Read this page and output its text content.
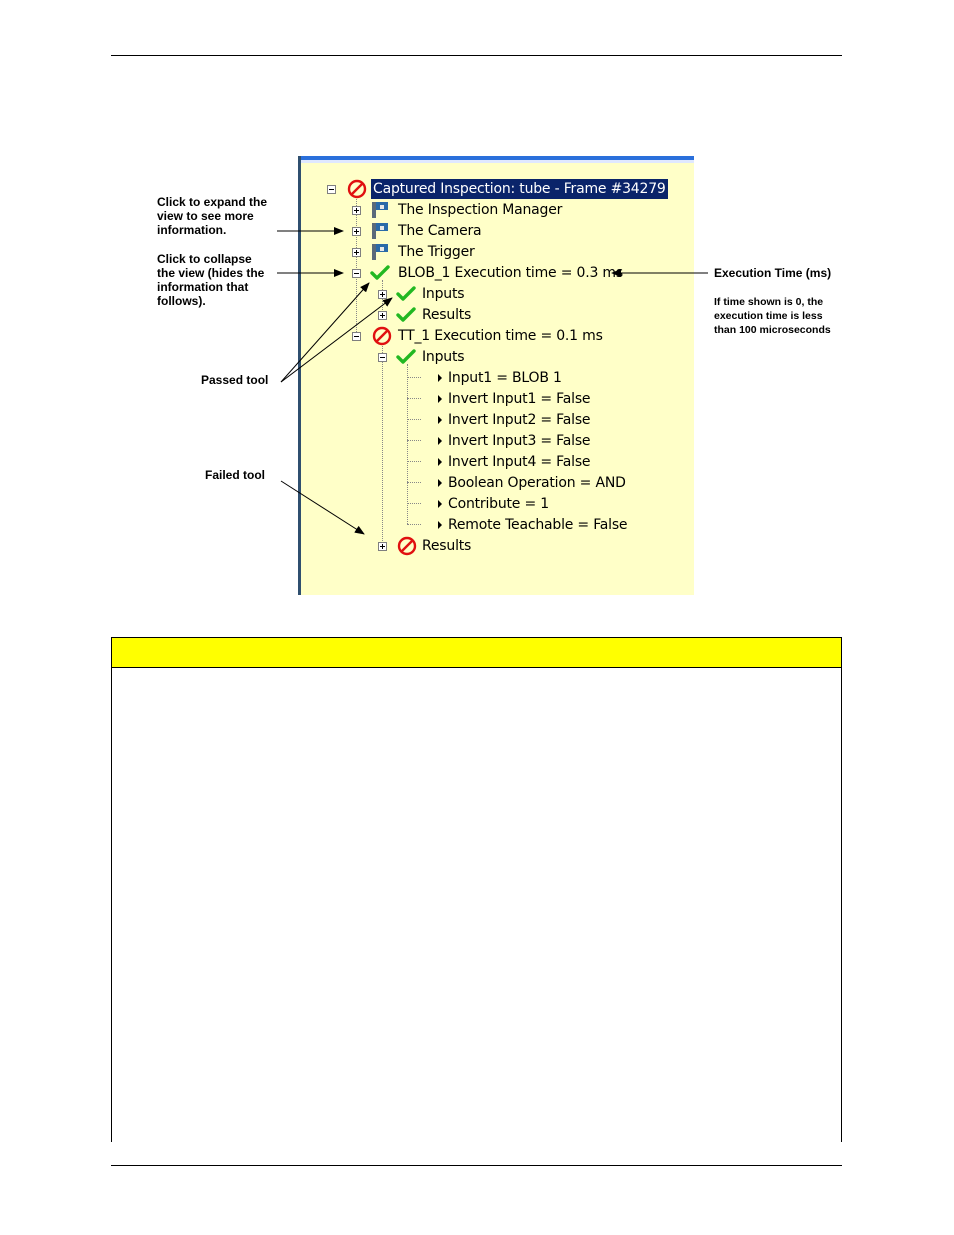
Captured Inspection: tube - Frame #34279
The Inspection Manager
The Camera
The Trigger
BLOB_1 Execution time = 0.3 ms
Inputs
Results
TT_1 Execution time = 0.1 ms
Inputs
Input1 = BLOB 1
Invert Input1 = False
Invert Input2 = False
Invert Input3 = False
Invert Input4 = False
Boolean Operation = AND
Contribute = 1
Remote Teachable = False
Results
Click to expand the
view to see more
information.
Click to collapse
the view (hides the
information that
follows).
Passed tool
Failed tool
Execution Time (ms)
If time shown is 0, the
execution time is less
than 100 microseconds
